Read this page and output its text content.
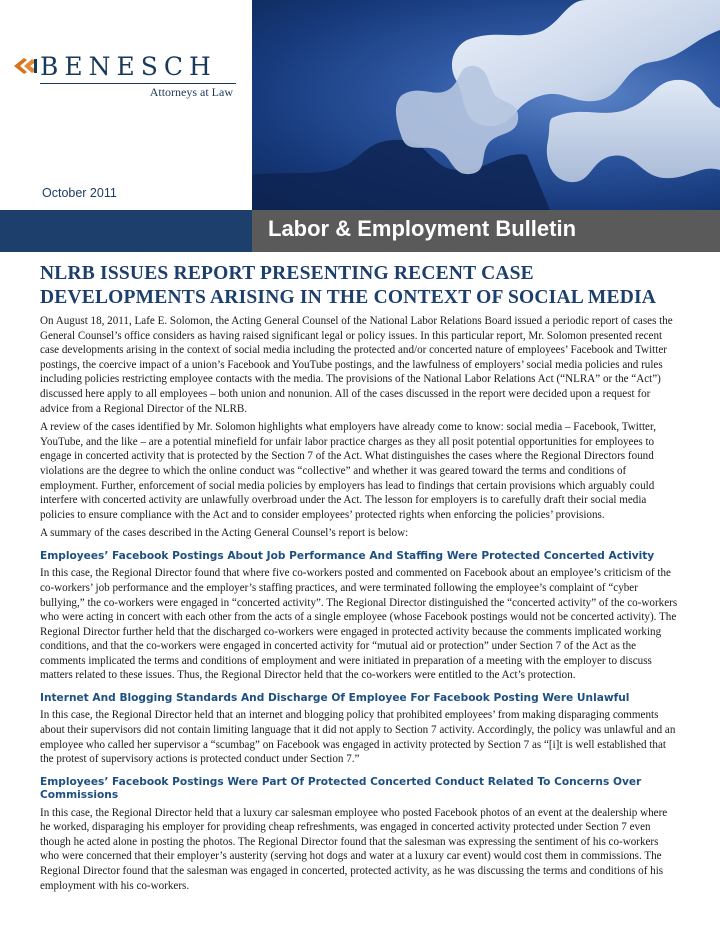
BENESCH
Attorneys at Law
October 2011
Labor & Employment Bulletin
NLRB ISSUES REPORT PRESENTING RECENT CASE DEVELOPMENTS ARISING IN THE CONTEXT OF SOCIAL MEDIA

On August 18, 2011, Lafe E. Solomon, the Acting General Counsel of the National Labor Relations Board issued a periodic report of cases the General Counsel’s office considers as having raised significant legal or policy issues. In this particular report, Mr. Solomon presented recent case developments arising in the context of social media including the protected and/or concerted nature of employees’ Facebook and Twitter postings, the coercive impact of a union’s Facebook and YouTube postings, and the lawfulness of employers’ social media policies and rules including policies restricting employee contacts with the media. The provisions of the National Labor Relations Act (“NLRA” or the “Act”) discussed here apply to all employees – both union and nonunion. All of the cases discussed in the report were decided upon a request for advice from a Regional Director of the NLRB.

A review of the cases identified by Mr. Solomon highlights what employers have already come to know: social media – Facebook, Twitter, YouTube, and the like – are a potential minefield for unfair labor practice charges as they all posit potential opportunities for employees to engage in concerted activity that is protected by the Section 7 of the Act. What distinguishes the cases where the Regional Directors found violations are the degree to which the online conduct was “collective” and whether it was geared toward the terms and conditions of employment. Further, enforcement of social media policies by employers has lead to findings that certain provisions which arguably could interfere with concerted activity are unlawfully overbroad under the Act. The lesson for employers is to carefully draft their social media policies to ensure compliance with the Act and to consider employees’ protected rights when enforcing the policies’ provisions.

A summary of the cases described in the Acting General Counsel’s report is below:

Employees’ Facebook Postings About Job Performance And Staffing Were Protected Concerted Activity

In this case, the Regional Director found that where five co-workers posted and commented on Facebook about an employee’s criticism of the co-workers’ job performance and the employer’s staffing practices, and were terminated following the employee’s complaint of “cyber bullying,” the co-workers were engaged in “concerted activity”. The Regional Director distinguished the “concerted activity” of the co-workers who were acting in concert with each other from the acts of a single employee (whose Facebook postings would not be concerted activity). The Regional Director further held that the discharged co-workers were engaged in protected activity because the comments implicated working conditions, and that the co-workers were engaged in concerted activity for “mutual aid or protection” under Section 7 of the Act as the comments implicated the terms and conditions of employment and were initiated in preparation of a meeting with the employer to discuss matters related to these issues. Thus, the Regional Director held that the co-workers were entitled to the Act’s protection.

Internet And Blogging Standards And Discharge Of Employee For Facebook Posting Were Unlawful

In this case, the Regional Director held that an internet and blogging policy that prohibited employees’ from making disparaging comments about their supervisors did not contain limiting language that it did not apply to Section 7 activity. Accordingly, the policy was unlawful and an employee who called her supervisor a “scumbag” on Facebook was engaged in activity protected by Section 7 as “[i]t is well established that the protest of supervisory actions is protected conduct under Section 7.”

Employees’ Facebook Postings Were Part Of Protected Concerted Conduct Related To Concerns Over Commissions

In this case, the Regional Director held that a luxury car salesman employee who posted Facebook photos of an event at the dealership where he worked, disparaging his employer for providing cheap refreshments, was engaged in concerted activity protected under Section 7 even though he acted alone in posting the photos. The Regional Director found that the salesman was expressing the sentiment of his co-workers who were concerned that their employer’s austerity (serving hot dogs and water at a luxury car event) would cost them in commissions. The Regional Director found that the salesman was engaged in concerted, protected activity, as he was discussing the terms and conditions of his employment with his co-workers.
